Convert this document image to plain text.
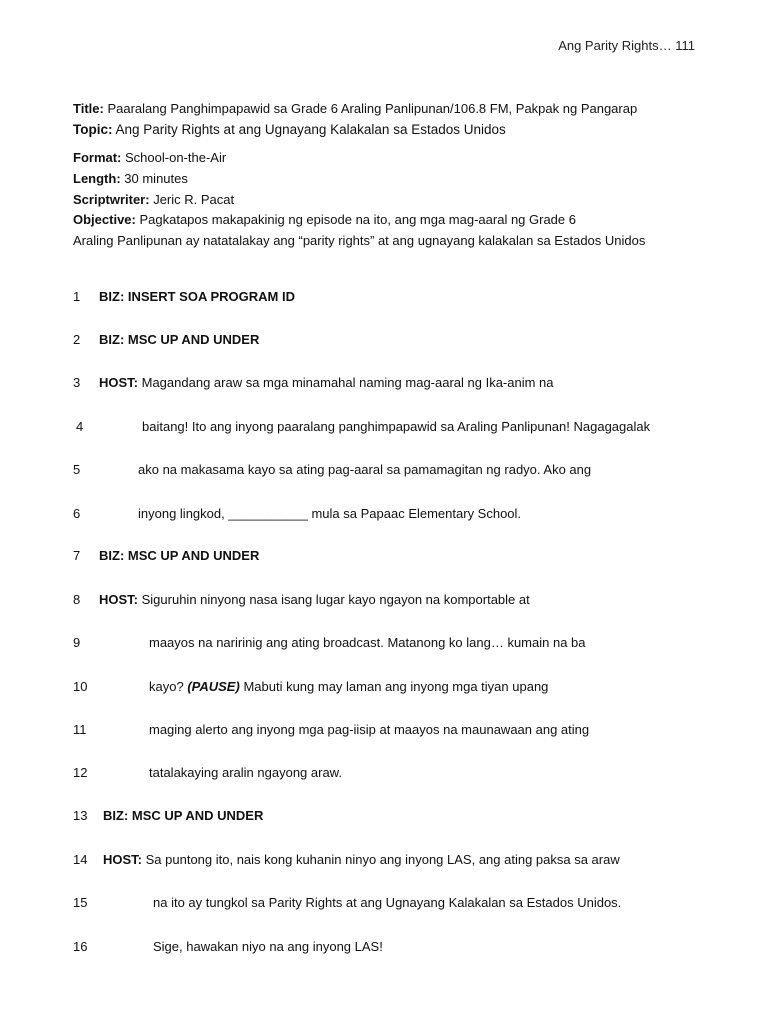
Ang Parity Rights… 111
Title: Paaralang Panghimpapawid sa Grade 6 Araling Panlipunan/106.8 FM, Pakpak ng Pangarap
Topic: Ang Parity Rights at ang Ugnayang Kalakalan sa Estados Unidos
Format: School-on-the-Air
Length: 30 minutes
Scriptwriter: Jeric R. Pacat
Objective: Pagkatapos makapakinig ng episode na ito, ang mga mag-aaral ng Grade 6
Araling Panlipunan ay natatalakay ang “parity rights” at ang ugnayang kalakalan sa Estados Unidos
1 BIZ: INSERT SOA PROGRAM ID
2 BIZ: MSC UP AND UNDER
3 HOST: Magandang araw sa mga minamahal naming mag-aaral ng Ika-anim na
4	baitang! Ito ang inyong paaralang panghimpapawid sa Araling Panlipunan! Nagagagalak
5	ako na makasama kayo sa ating pag-aaral sa pamamagitan ng radyo. Ako ang
6	inyong lingkod, ___________ mula sa Papaac Elementary School.
7 BIZ: MSC UP AND UNDER
8 HOST: Siguruhin ninyong nasa isang lugar kayo ngayon na komportable at
9	maayos na naririnig ang ating broadcast. Matanong ko lang… kumain na ba
10	kayo? (PAUSE) Mabuti kung may laman ang inyong mga tiyan upang
11	maging alerto ang inyong mga pag-iisip at maayos na maunawaan ang ating
12	tatalakaying aralin ngayong araw.
13 BIZ: MSC UP AND UNDER
14 HOST: Sa puntong ito, nais kong kuhanin ninyo ang inyong LAS, ang ating paksa sa araw
15	na ito ay tungkol sa Parity Rights at ang Ugnayang Kalakalan sa Estados Unidos.
16	Sige, hawakan niyo na ang inyong LAS!
